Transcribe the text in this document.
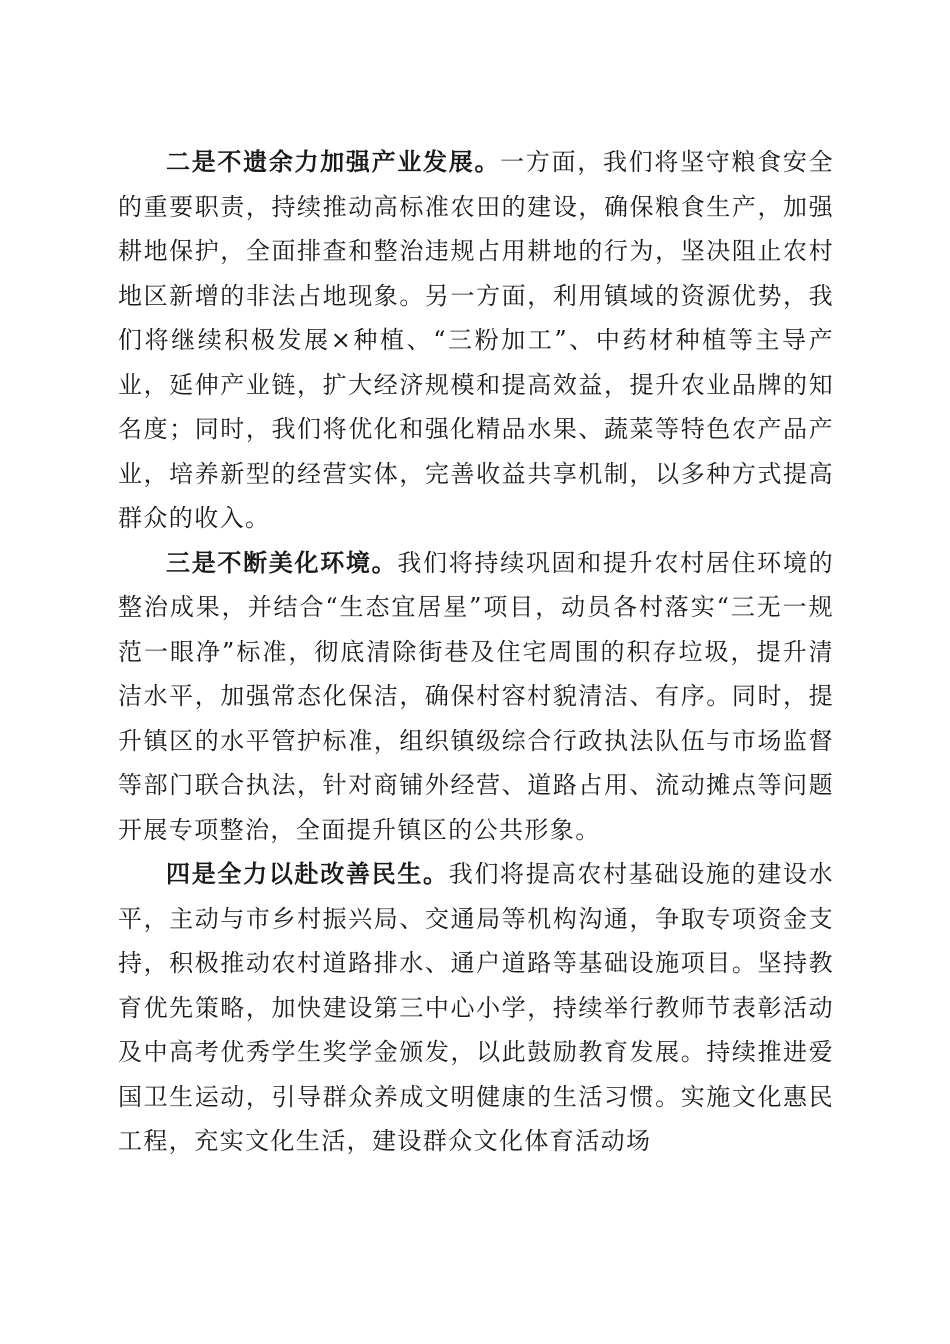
二是不遗余力加强产业发展。一方面，我们将坚守粮食安全的重要职责，持续推动高标准农田的建设，确保粮食生产，加强耕地保护，全面排查和整治违规占用耕地的行为，坚决阻止农村地区新增的非法占地现象。另一方面，利用镇域的资源优势，我们将继续积极发展×种植、“三粉加工”、中药材种植等主导产业，延伸产业链，扩大经济规模和提高效益，提升农业品牌的知名度；同时，我们将优化和强化精品水果、蔬菜等特色农产品产业，培养新型的经营实体，完善收益共享机制，以多种方式提高群众的收入。

三是不断美化环境。我们将持续巩固和提升农村居住环境的整治成果，并结合“生态宜居星”项目，动员各村落实“三无一规范一眼净”标准，彻底清除街巷及住宅周围的积存垃圾，提升清洁水平，加强常态化保洁，确保村容村貌清洁、有序。同时，提升镇区的水平管护标准，组织镇级综合行政执法队伍与市场监督等部门联合执法，针对商铺外经营、道路占用、流动摊点等问题开展专项整治，全面提升镇区的公共形象。

四是全力以赴改善民生。我们将提高农村基础设施的建设水平，主动与市乡村振兴局、交通局等机构沟通，争取专项资金支持，积极推动农村道路排水、通户道路等基础设施项目。坚持教育优先策略，加快建设第三中心小学，持续举行教师节表彰活动及中高考优秀学生奖学金颁发，以此鼓励教育发展。持续推进爱国卫生运动，引导群众养成文明健康的生活习惯。实施文化惠民工程，充实文化生活，建设群众文化体育活动场
